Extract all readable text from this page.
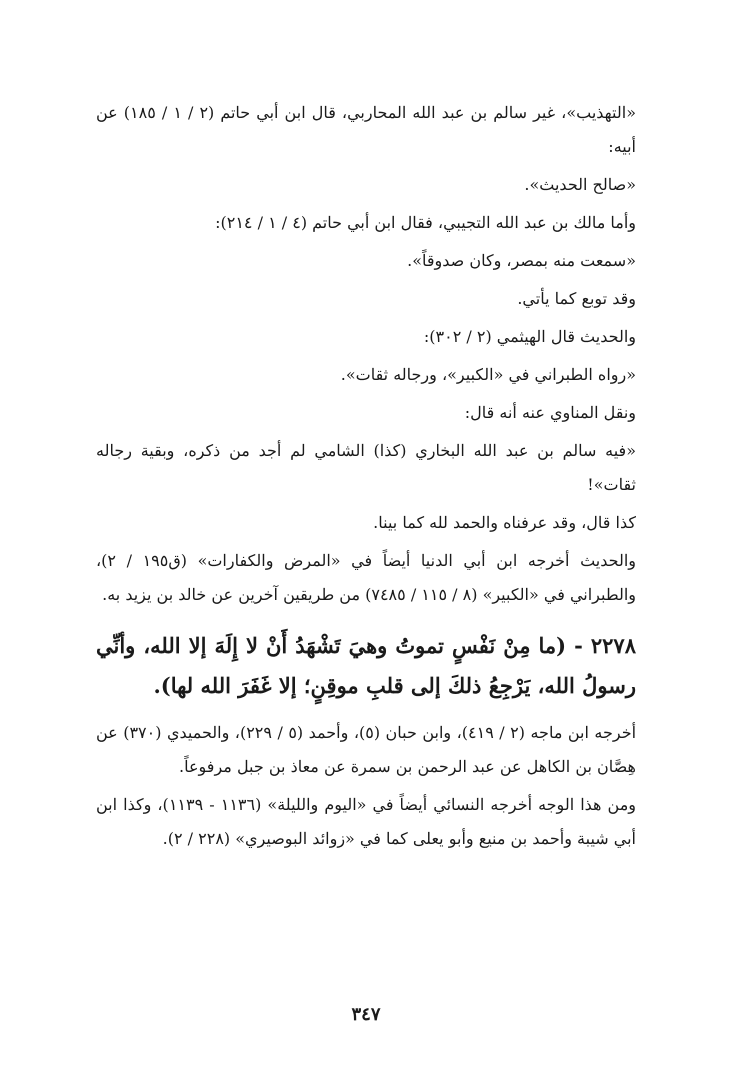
«التهذيب»، غير سالم بن عبد الله المحاربي، قال ابن أبي حاتم (٢ / ١ / ١٨٥) عن أبيه:

«صالح الحديث».

وأما مالك بن عبد الله التجيبي، فقال ابن أبي حاتم (٤ / ١ / ٢١٤):

«سمعت منه بمصر، وكان صدوقاً».

وقد توبع كما يأتي.

والحديث قال الهيثمي (٢ / ٣٠٢):

«رواه الطبراني في «الكبير»، ورجاله ثقات».

ونقل المناوي عنه أنه قال:

«فيه سالم بن عبد الله البخاري (كذا) الشامي لم أجد من ذكره، وبقية رجاله ثقات»!

كذا قال، وقد عرفناه والحمد لله كما بينا.

والحديث أخرجه ابن أبي الدنيا أيضاً في «المرض والكفارات» (ق١٩٥ / ٢)، والطبراني في «الكبير» (٨ / ١١٥ / ٧٤٨٥) من طريقين آخرين عن خالد بن يزيد به.

٢٢٧٨ - (ما مِنْ نَفْسٍ تموتُ وهيَ تَشْهَدُ أَنْ لا إِلَهَ إلا الله، وأنِّي رسولُ الله، يَرْجِعُ ذلكَ إلى قلبِ موقِنٍ؛ إلا غَفَرَ الله لها).

أخرجه ابن ماجه (٢ / ٤١٩)، وابن حبان (٥)، وأحمد (٥ / ٢٢٩)، والحميدي (٣٧٠) عن هِصَّان بن الكاهل عن عبد الرحمن بن سمرة عن معاذ بن جبل مرفوعاً.

ومن هذا الوجه أخرجه النسائي أيضاً في «اليوم والليلة» (١١٣٦ - ١١٣٩)، وكذا ابن أبي شيبة وأحمد بن منيع وأبو يعلى كما في «زوائد البوصيري» (٢٢٨ / ٢).

٣٤٧
